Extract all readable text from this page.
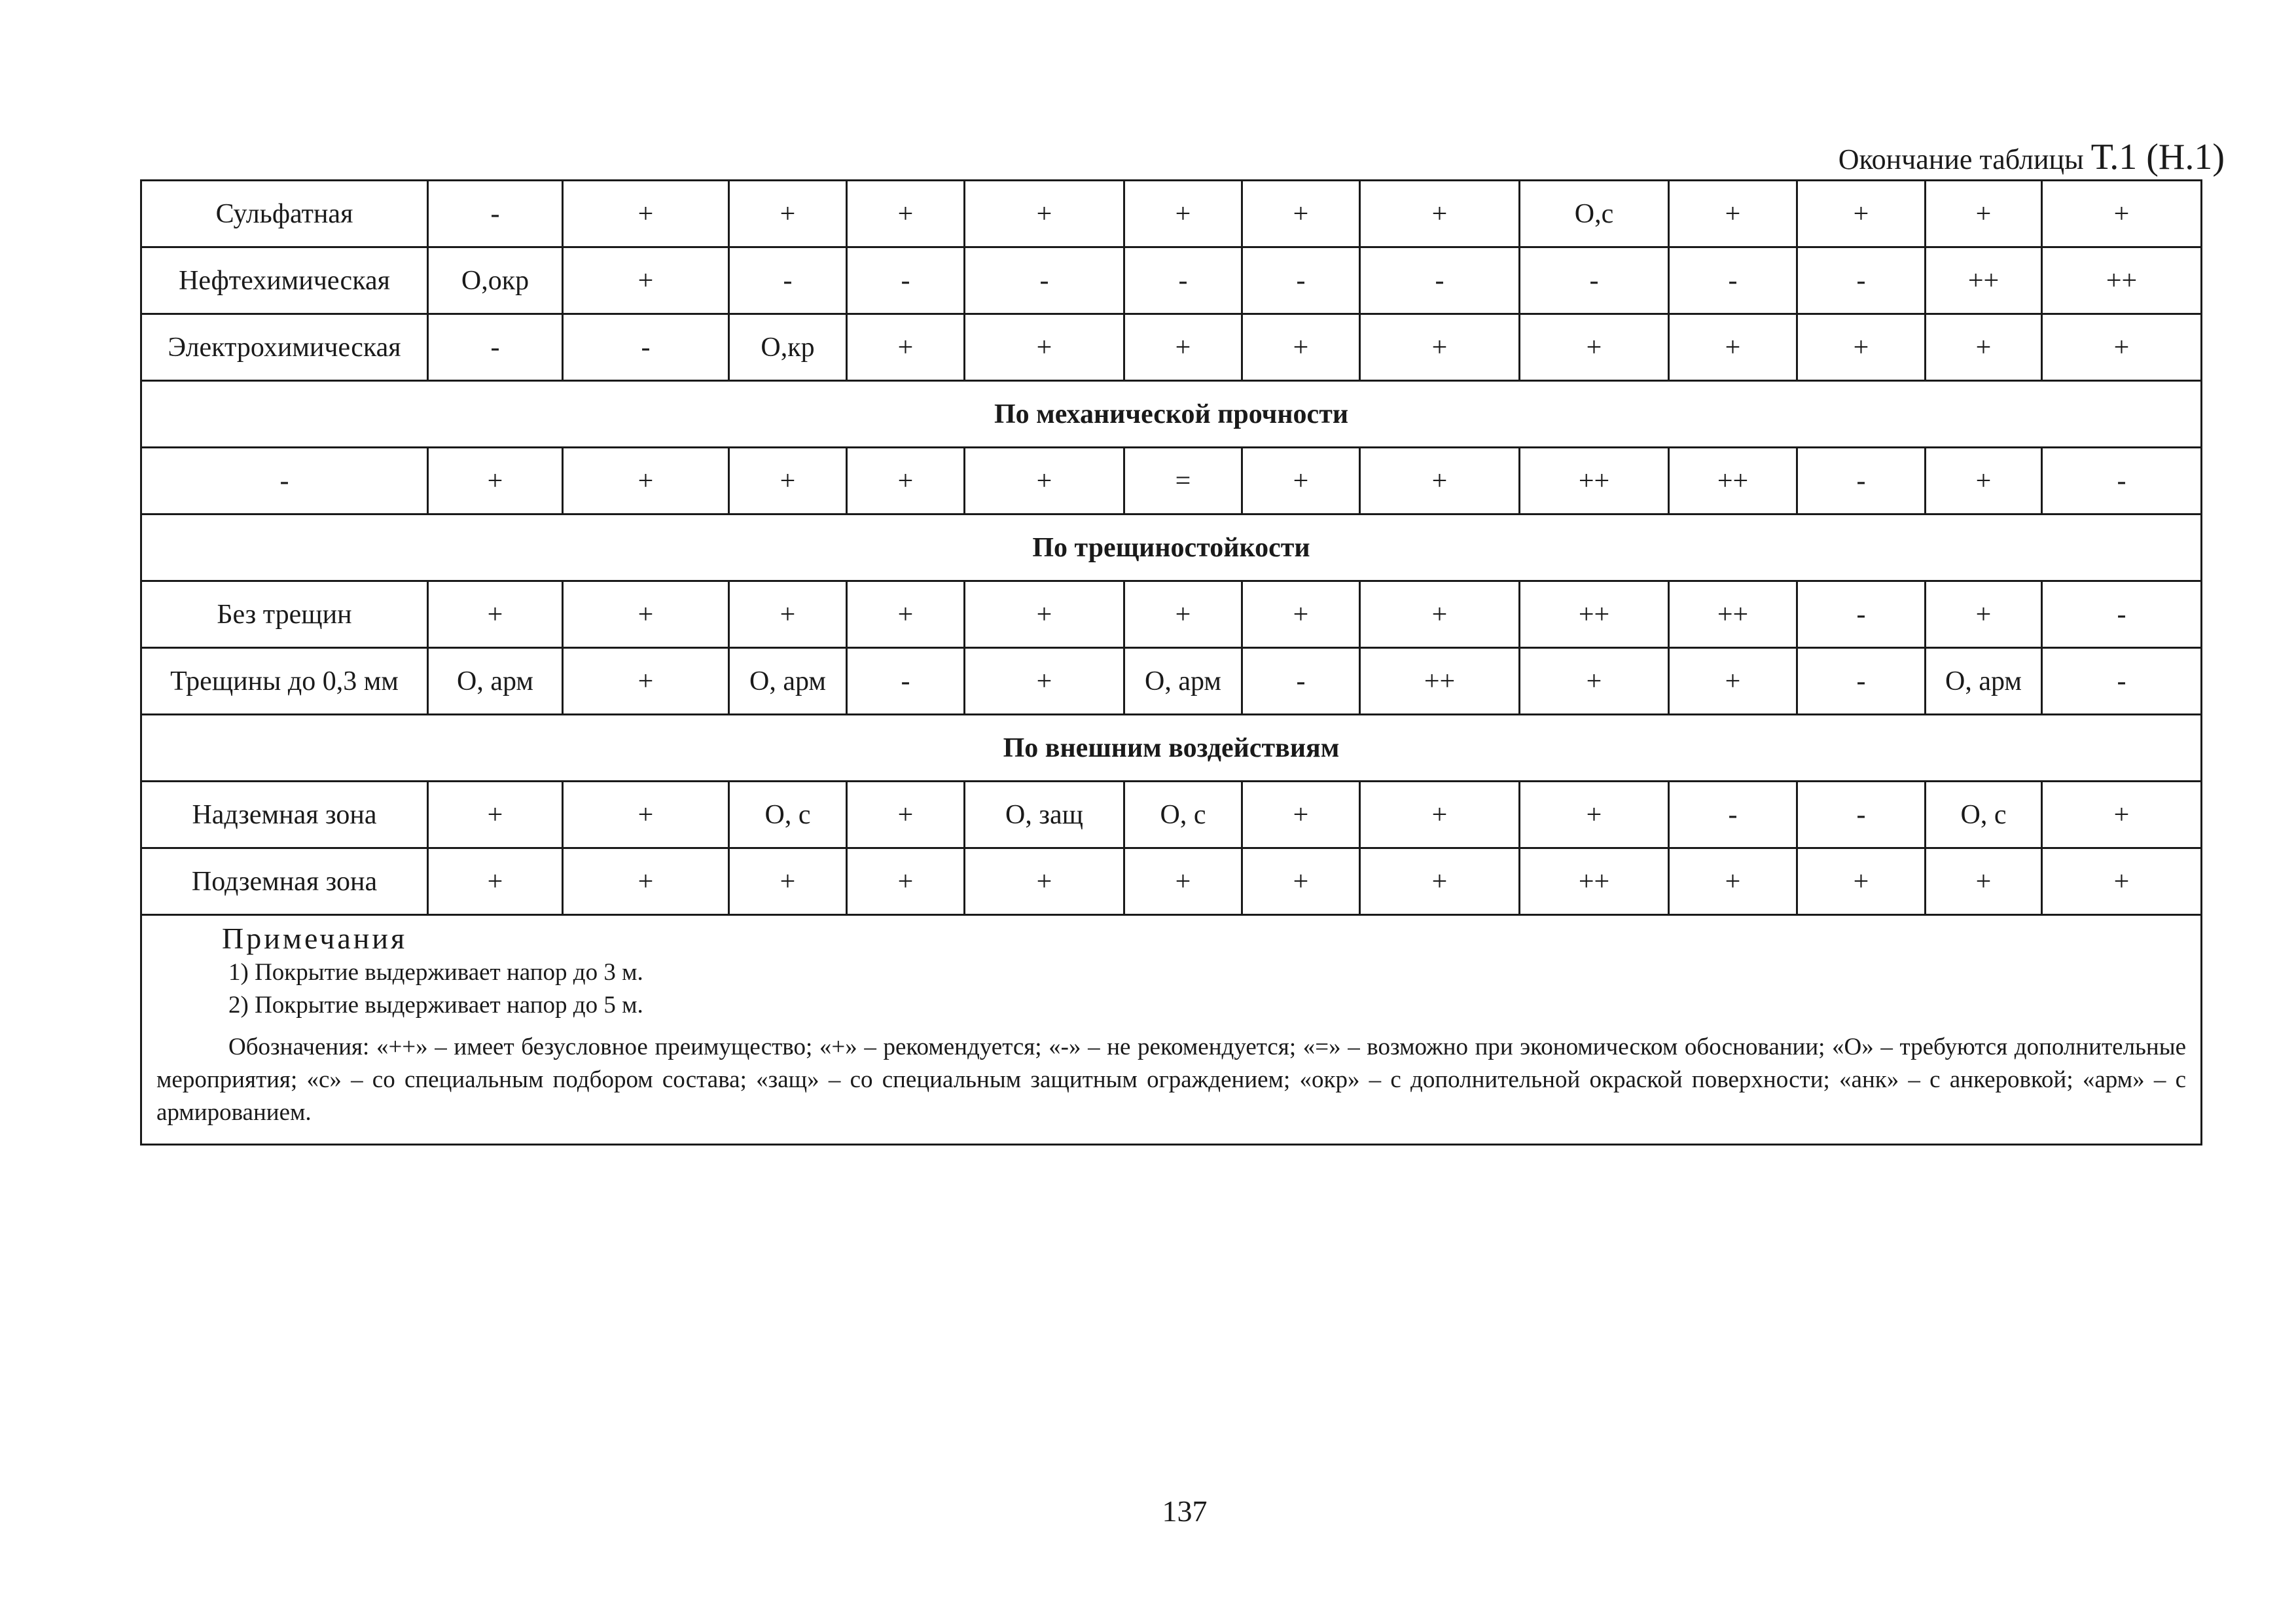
Окончание таблицы Т.1 (Н.1)
Сульфатная	-	+	+	+	+	+	+	+	О,с	+	+	+	+
Нефтехимическая	О,окр	+	-	-	-	-	-	-	-	-	-	++	++
Электрохимическая	-	-	О,кр	+	+	+	+	+	+	+	+	+	+
По механической прочности													
-	+	+	+	+	+	=	+	+	++	++	-	+	-
По трещиностойкости													
Без трещин	+	+	+	+	+	+	+	+	++	++	-	+	-
Трещины до 0,3 мм	О, арм	+	О, арм	-	+	О, арм	-	++	+	+	-	О, арм	-
По внешним воздействиям													
Надземная зона	+	+	О, с	+	О, защ	О, с	+	+	+	-	-	О, с	+
Подземная зона	+	+	+	+	+	+	+	+	++	+	+	+	+

Примечания
1) Покрытие выдерживает напор до 3 м.
2) Покрытие выдерживает напор до 5 м.
Обозначения: «++» – имеет безусловное преимущество; «+» – рекомендуется; «-» – не рекомендуется; «=» – возможно при экономическом обосновании; «О» – требуются дополнительные мероприятия; «с» – со специальным подбором состава; «защ» – со специальным защитным ограждением; «окр» – с дополнительной окраской поверхности; «анк» – с анкеровкой; «арм» – с армированием.													
137
